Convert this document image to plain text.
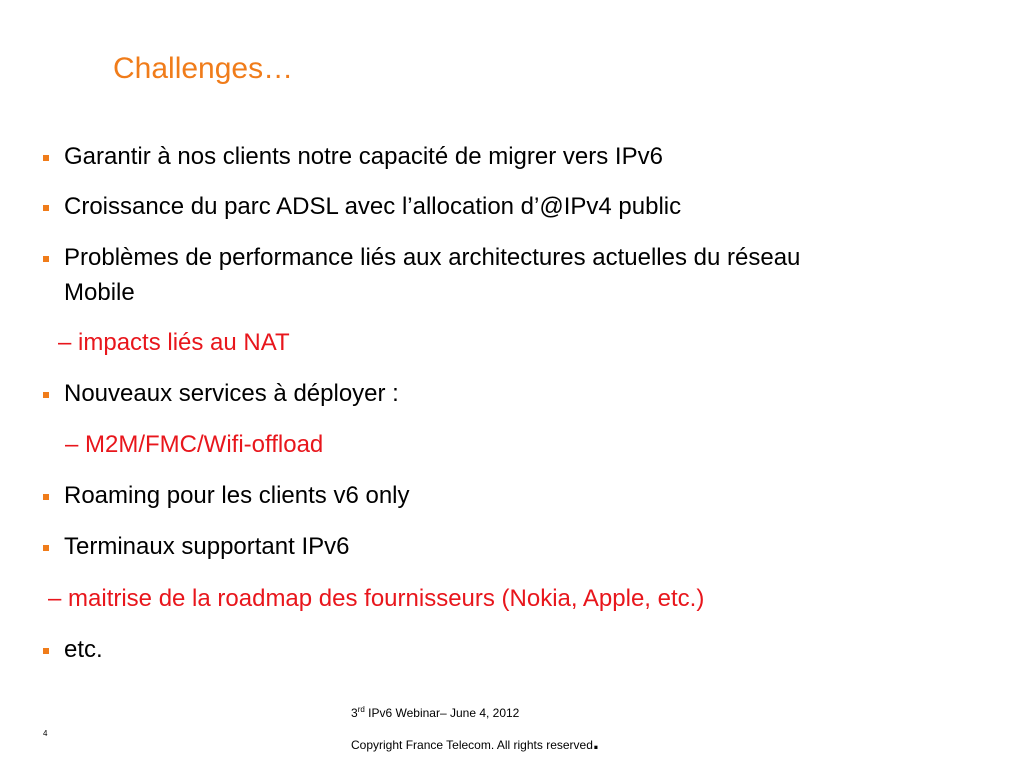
Challenges…
Garantir à nos clients notre capacité de migrer vers IPv6
Croissance du parc ADSL avec l’allocation d’@IPv4 public
Problèmes de performance liés aux architectures actuelles du réseau
Mobile
– impacts liés au NAT
Nouveaux services à déployer :
– M2M/FMC/Wifi-offload
Roaming pour les clients v6 only
Terminaux supportant IPv6
– maitrise de la roadmap des fournisseurs (Nokia, Apple, etc.)
etc.
3rd IPv6 Webinar– June 4, 2012
Copyright France Telecom. All rights reserved.
4
